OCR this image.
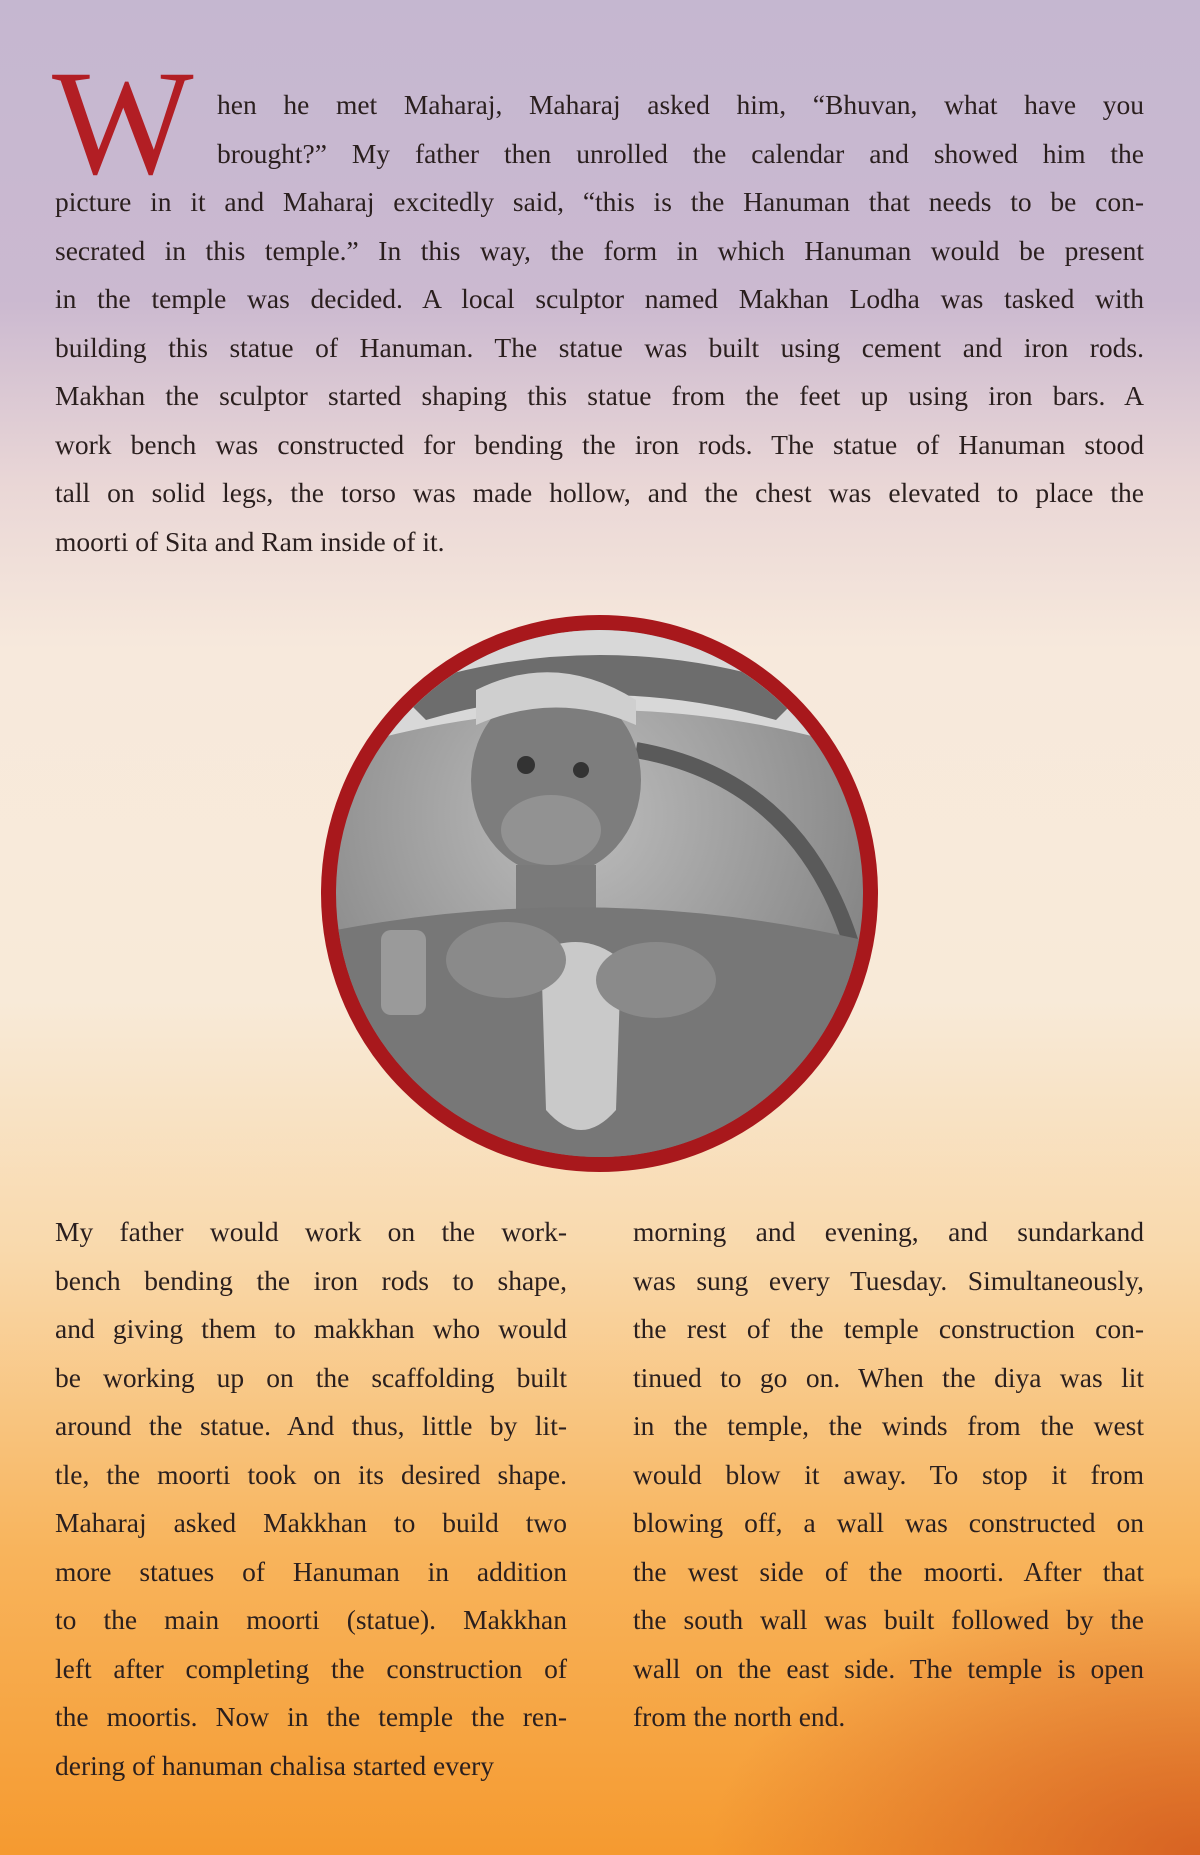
W hen he met Maharaj, Maharaj asked him, “Bhuvan, what have you
brought?” My father then unrolled the calendar and showed him the
picture in it and Maharaj excitedly said, “this is the Hanuman that needs to be con-
secrated in this temple.” In this way, the form in which Hanuman would be present
in the temple was decided. A local sculptor named Makhan Lodha was tasked with
building this statue of Hanuman. The statue was built using cement and iron rods.
Makhan the sculptor started shaping this statue from the feet up using iron bars. A
work bench was constructed for bending the iron rods. The statue of Hanuman stood
tall on solid legs, the torso was made hollow, and the chest was elevated to place the
moorti of Sita and Ram inside of it.
My father would work on the work-
bench bending the iron rods to shape,
and giving them to makkhan who would
be working up on the scaffolding built
around the statue. And thus, little by lit-
tle, the moorti took on its desired shape.
Maharaj asked Makkhan to build two
more statues of Hanuman in addition
to the main moorti (statue). Makkhan
left after completing the construction of
the moortis. Now in the temple the ren-
dering of hanuman chalisa started every
morning and evening, and sundarkand
was sung every Tuesday. Simultaneously,
the rest of the temple construction con-
tinued to go on. When the diya was lit
in the temple, the winds from the west
would blow it away. To stop it from
blowing off, a wall was constructed on
the west side of the moorti. After that
the south wall was built followed by the
wall on the east side. The temple is open
from the north end.
